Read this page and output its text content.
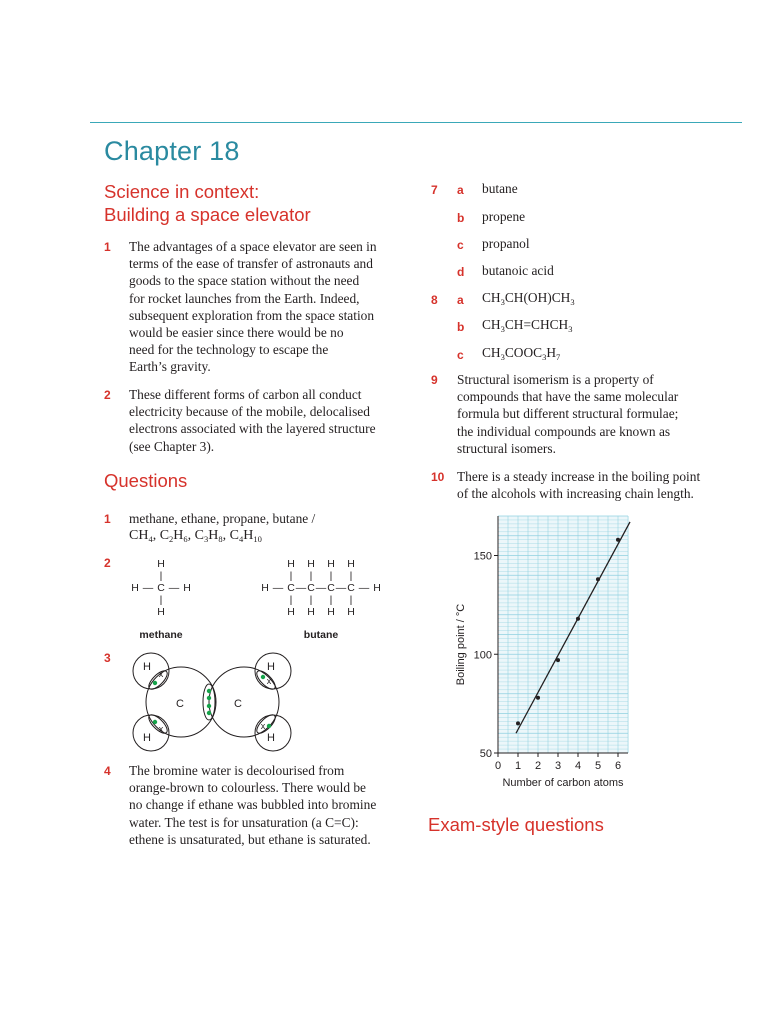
Chapter 18
Science in context:
Building a space elevator
1 The advantages of a space elevator are seen in
terms of the ease of transfer of astronauts and
goods to the space station without the need
for rocket launches from the Earth. Indeed,
subsequent exploration from the space station
would be easier since there would be no
need for the technology to escape the
Earth’s gravity.
2 These different forms of carbon all conduct
electricity because of the mobile, delocalised
electrons associated with the layered structure
(see Chapter 3).
Questions
1 methane, ethane, propane, butane /
$CH_4$, $C_2H_6$, $C_3H_8$, $C_4H_{10}$
2	H
|
H — C — H
|
H
H H H H
| | | |
H — C — C — C — C — H
| | | |
H H H H
methane	butane
3
x
x
x
x
H
H
H
H
C	C
4 The bromine water is decolourised from
orange-brown to colourless. There would be
no change if ethane was bubbled into bromine
water. The test is for unsaturation (a C=C):
ethene is unsaturated, but ethane is saturated.
7 a butane
b propene
c propanol
d butanoic acid
8 a $CH_3CH(OH)CH_3$
b $CH_3CH=CHCH_3$
c $CH_3COOC_3H_7$
9 Structural isomerism is a property of
compounds that have the same molecular
formula but different structural formulae;
the individual compounds are known as
structural isomers.
10 There is a steady increase in the boiling point
of the alcohols with increasing chain length.
0 1 2 3 4 5 6
50
100
150
Boiling point / °C
Number of carbon atoms
Exam-style questions
